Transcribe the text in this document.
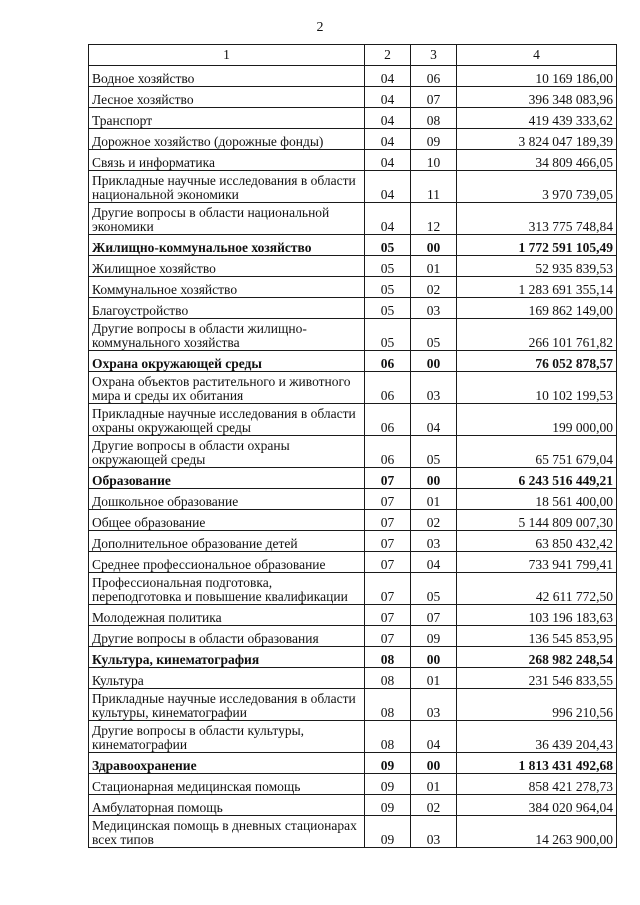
2
1	2	3	4
Водное хозяйство	04	06	10 169 186,00
Лесное хозяйство	04	07	396 348 083,96
Транспорт	04	08	419 439 333,62
Дорожное хозяйство (дорожные фонды)	04	09	3 824 047 189,39
Связь и информатика	04	10	34 809 466,05
Прикладные научные исследования в области национальной экономики	04	11	3 970 739,05
Другие вопросы в области национальной экономики	04	12	313 775 748,84
Жилищно-коммунальное хозяйство	05	00	1 772 591 105,49
Жилищное хозяйство	05	01	52 935 839,53
Коммунальное хозяйство	05	02	1 283 691 355,14
Благоустройство	05	03	169 862 149,00
Другие вопросы в области жилищно-коммунального хозяйства	05	05	266 101 761,82
Охрана окружающей среды	06	00	76 052 878,57
Охрана объектов растительного и животного мира и среды их обитания	06	03	10 102 199,53
Прикладные научные исследования в области охраны окружающей среды	06	04	199 000,00
Другие вопросы в области охраны окружающей среды	06	05	65 751 679,04
Образование	07	00	6 243 516 449,21
Дошкольное образование	07	01	18 561 400,00
Общее образование	07	02	5 144 809 007,30
Дополнительное образование детей	07	03	63 850 432,42
Среднее профессиональное образование	07	04	733 941 799,41
Профессиональная подготовка, переподготовка и повышение квалификации	07	05	42 611 772,50
Молодежная политика	07	07	103 196 183,63
Другие вопросы в области образования	07	09	136 545 853,95
Культура, кинематография	08	00	268 982 248,54
Культура	08	01	231 546 833,55
Прикладные научные исследования в области культуры, кинематографии	08	03	996 210,56
Другие вопросы в области культуры, кинематографии	08	04	36 439 204,43
Здравоохранение	09	00	1 813 431 492,68
Стационарная медицинская помощь	09	01	858 421 278,73
Амбулаторная помощь	09	02	384 020 964,04
Медицинская помощь в дневных стационарах всех типов	09	03	14 263 900,00
